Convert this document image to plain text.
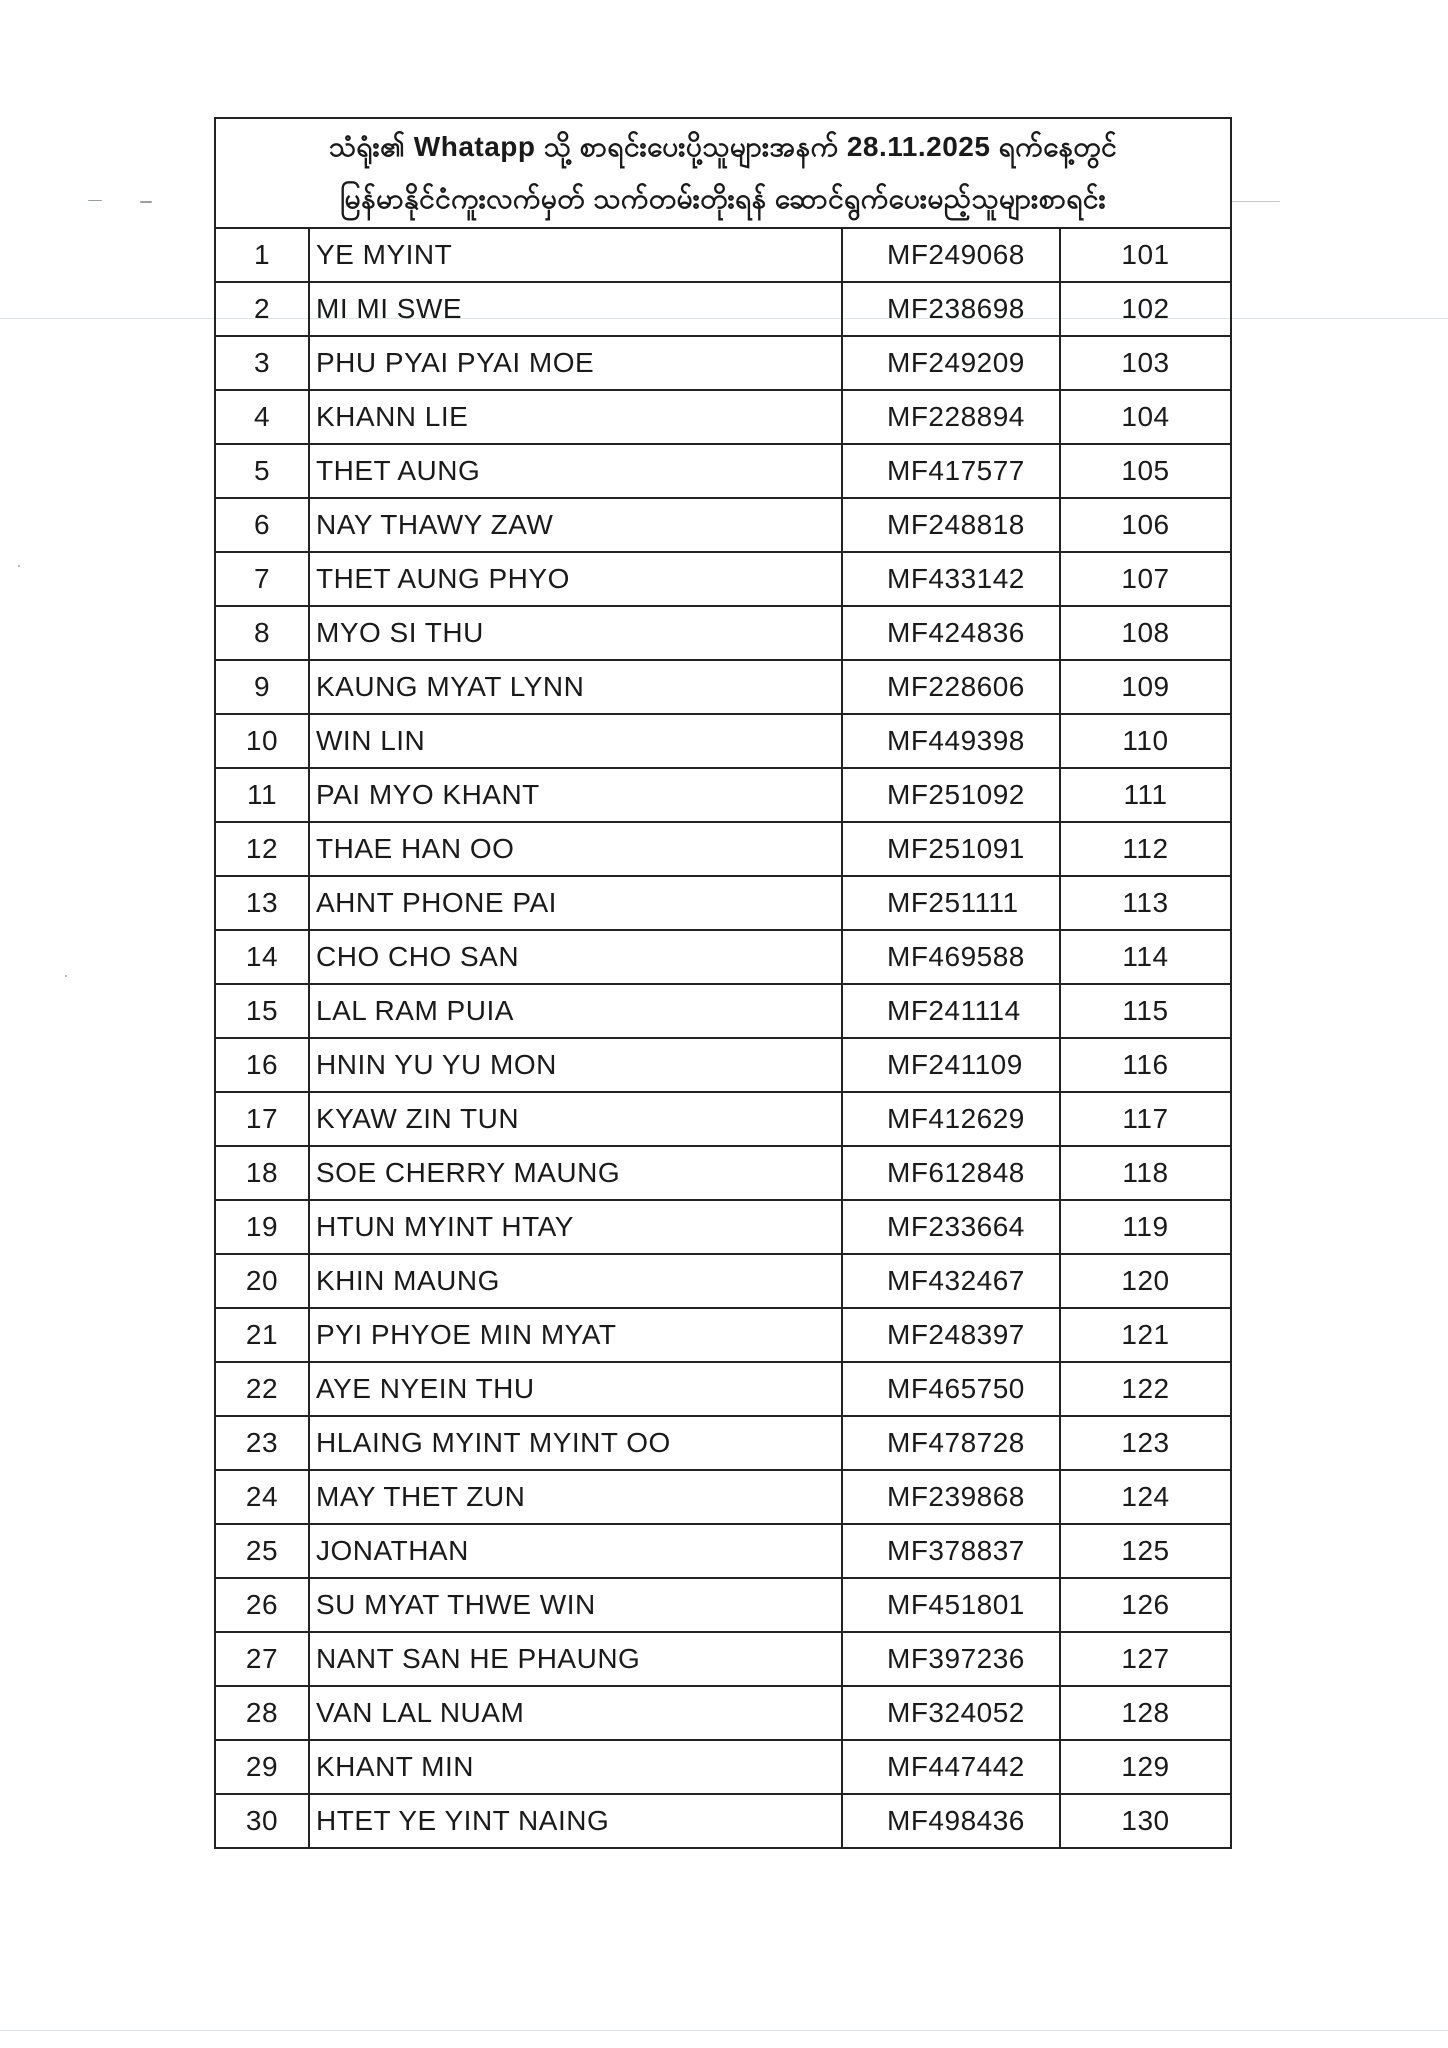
သံရုံး၏ Whatapp သို့ စာရင်းပေးပို့သူများအနက် 28.11.2025 ရက်နေ့တွင်
မြန်မာနိုင်ငံကူးလက်မှတ် သက်တမ်းတိုးရန် ဆောင်ရွက်ပေးမည့်သူများစာရင်း			

1	YE MYINT	MF249068	101
2	MI MI SWE	MF238698	102
3	PHU PYAI PYAI MOE	MF249209	103
4	KHANN LIE	MF228894	104
5	THET AUNG	MF417577	105
6	NAY THAWY ZAW	MF248818	106
7	THET AUNG PHYO	MF433142	107
8	MYO SI THU	MF424836	108
9	KAUNG MYAT LYNN	MF228606	109
10	WIN LIN	MF449398	110
11	PAI MYO KHANT	MF251092	111
12	THAE HAN OO	MF251091	112
13	AHNT PHONE PAI	MF251111	113
14	CHO CHO SAN	MF469588	114
15	LAL RAM PUIA	MF241114	115
16	HNIN YU YU MON	MF241109	116
17	KYAW ZIN TUN	MF412629	117
18	SOE CHERRY MAUNG	MF612848	118
19	HTUN MYINT HTAY	MF233664	119
20	KHIN MAUNG	MF432467	120
21	PYI PHYOE MIN MYAT	MF248397	121
22	AYE NYEIN THU	MF465750	122
23	HLAING MYINT MYINT OO	MF478728	123
24	MAY THET ZUN	MF239868	124
25	JONATHAN	MF378837	125
26	SU MYAT THWE WIN	MF451801	126
27	NANT SAN HE PHAUNG	MF397236	127
28	VAN LAL NUAM	MF324052	128
29	KHANT MIN	MF447442	129
30	HTET YE YINT NAING	MF498436	130
